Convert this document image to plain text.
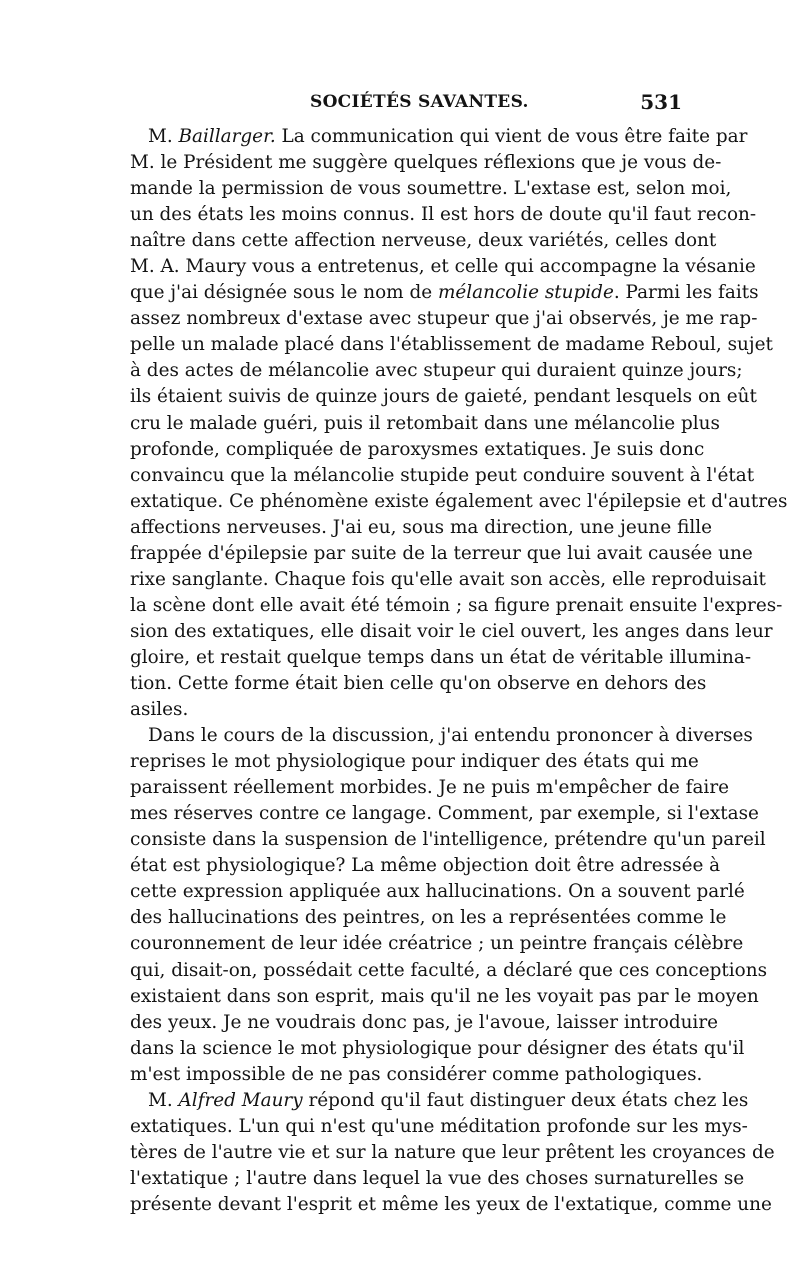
SOCIÉTÉS SAVANTES.	531
M. Baillarger. La communication qui vient de vous être faite par
M. le Président me suggère quelques réflexions que je vous de-
mande la permission de vous soumettre. L'extase est, selon moi,
un des états les moins connus. Il est hors de doute qu'il faut recon-
naître dans cette affection nerveuse, deux variétés, celles dont
M. A. Maury vous a entretenus, et celle qui accompagne la vésanie
que j'ai désignée sous le nom de mélancolie stupide. Parmi les faits
assez nombreux d'extase avec stupeur que j'ai observés, je me rap-
pelle un malade placé dans l'établissement de madame Reboul, sujet
à des actes de mélancolie avec stupeur qui duraient quinze jours;
ils étaient suivis de quinze jours de gaieté, pendant lesquels on eût
cru le malade guéri, puis il retombait dans une mélancolie plus
profonde, compliquée de paroxysmes extatiques. Je suis donc
convaincu que la mélancolie stupide peut conduire souvent à l'état
extatique. Ce phénomène existe également avec l'épilepsie et d'autres
affections nerveuses. J'ai eu, sous ma direction, une jeune fille
frappée d'épilepsie par suite de la terreur que lui avait causée une
rixe sanglante. Chaque fois qu'elle avait son accès, elle reproduisait
la scène dont elle avait été témoin ; sa figure prenait ensuite l'expres-
sion des extatiques, elle disait voir le ciel ouvert, les anges dans leur
gloire, et restait quelque temps dans un état de véritable illumina-
tion. Cette forme était bien celle qu'on observe en dehors des
asiles.
Dans le cours de la discussion, j'ai entendu prononcer à diverses
reprises le mot physiologique pour indiquer des états qui me
paraissent réellement morbides. Je ne puis m'empêcher de faire
mes réserves contre ce langage. Comment, par exemple, si l'extase
consiste dans la suspension de l'intelligence, prétendre qu'un pareil
état est physiologique? La même objection doit être adressée à
cette expression appliquée aux hallucinations. On a souvent parlé
des hallucinations des peintres, on les a représentées comme le
couronnement de leur idée créatrice ; un peintre français célèbre
qui, disait-on, possédait cette faculté, a déclaré que ces conceptions
existaient dans son esprit, mais qu'il ne les voyait pas par le moyen
des yeux. Je ne voudrais donc pas, je l'avoue, laisser introduire
dans la science le mot physiologique pour désigner des états qu'il
m'est impossible de ne pas considérer comme pathologiques.
M. Alfred Maury répond qu'il faut distinguer deux états chez les
extatiques. L'un qui n'est qu'une méditation profonde sur les mys-
tères de l'autre vie et sur la nature que leur prêtent les croyances de
l'extatique ; l'autre dans lequel la vue des choses surnaturelles se
présente devant l'esprit et même les yeux de l'extatique, comme une
